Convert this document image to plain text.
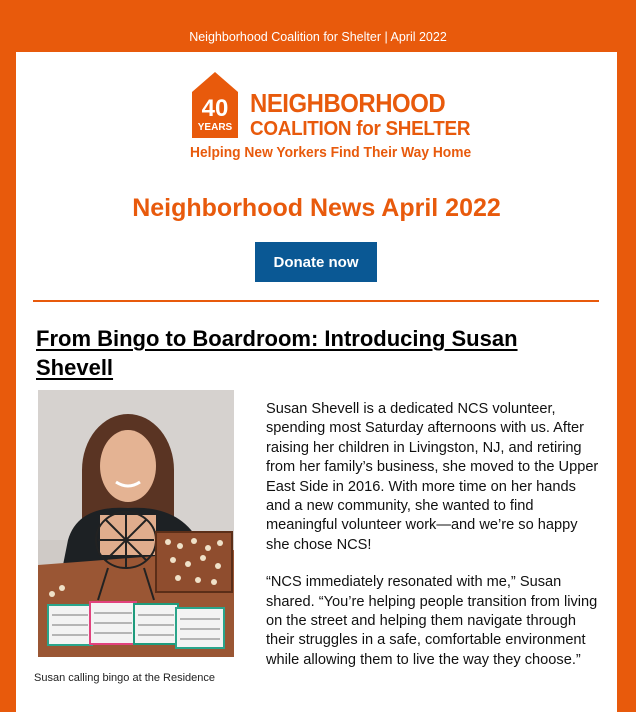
Neighborhood Coalition for Shelter | April 2022
40
YEARS
NEIGHBORHOOD
COALITION for SHELTER
Helping New Yorkers Find Their Way Home
Neighborhood News April 2022
Donate now
From Bingo to Boardroom: Introducing Susan Shevell
Susan calling bingo at the Residence

Susan Shevell is a dedicated NCS volunteer, spending most Saturday afternoons with us. After raising her children in Livingston, NJ, and retiring from her family’s business, she moved to the Upper East Side in 2016. With more time on her hands and a new community, she wanted to find meaningful volunteer work—and we’re so happy she chose NCS!

“NCS immediately resonated with me,” Susan shared. “You’re helping people transition from living on the street and helping them navigate through their struggles in a safe, comfortable environment while allowing them to live the way they choose.”
